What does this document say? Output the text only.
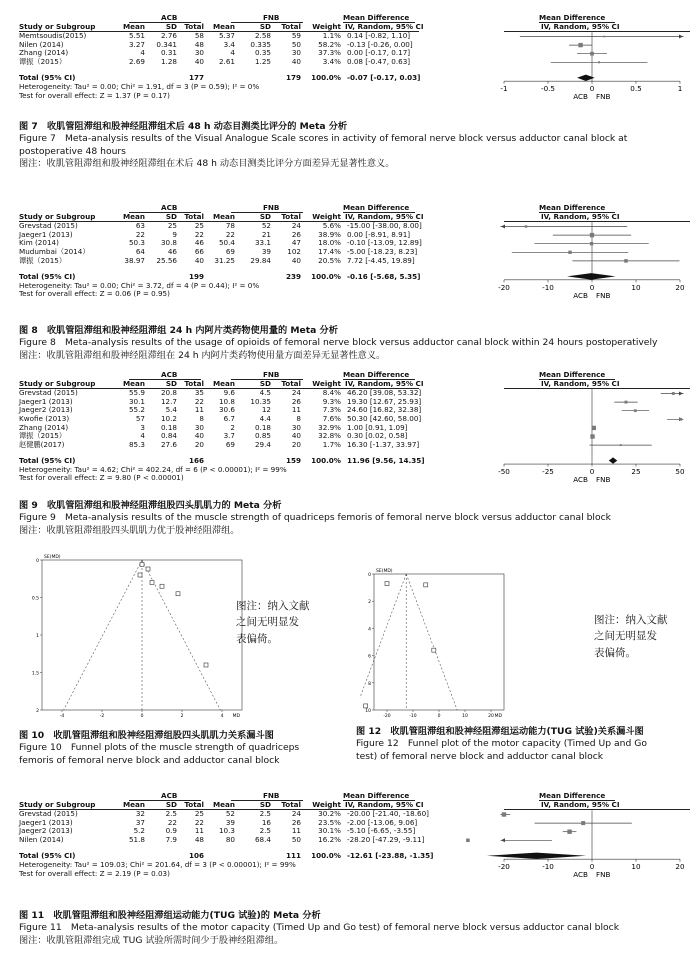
ACB	FNB	Mean Difference	Mean Difference
Study or Subgroup	Mean	SD	Total	Mean	SD	Total	Weight IV, Random, 95% CI	IV, Random, 95% CI
Memtsoudis(2015)	5.51	2.76	58	5.37	2.58	59	1.1% 0.14 [-0.82, 1.10]
Nilen (2014)	3.27	0.341	48	3.4	0.335	50	58.2% -0.13 [-0.26, 0.00]
Zhang (2014)	4	0.31	30	4	0.35	30	37.3% 0.00 [-0.17, 0.17]
谭振（2015）	2.69	1.28	40	2.61	1.25	40	3.4% 0.08 [-0.47, 0.63]
Total (95% CI)	177	179	100.0% -0.07 [-0.17, 0.03]
Heterogeneity: Tau² = 0.00; Chi² = 1.91, df = 3 (P = 0.59); I² = 0%
Test for overall effect: Z = 1.37 (P = 0.17)
-1	-0.5	0	0.5	1
ACB FNB
图 7　收肌管阻滞组和股神经阻滞组术后 48 h 动态目测类比评分的 Meta 分析
Figure 7　Meta-analysis results of the Visual Analogue Scale scores in activity of femoral nerve block versus adductor canal block at
postoperative 48 hours
图注：收肌管阻滞组和股神经阻滞组在术后 48 h 动态目测类比评分方面差异无显著性意义。
ACB	FNB	Mean Difference	Mean Difference
Study or Subgroup	Mean	SD	Total	Mean	SD	Total	Weight IV, Random, 95% CI	IV, Random, 95% CI
Grevstad (2015)	63	25	25	78	52	24	5.6% -15.00 [-38.00, 8.00]
Jaeger1 (2013)	22	9	22	22	21	26	38.9% 0.00 [-8.91, 8.91]
Kim (2014)	50.3	30.8	46	50.4	33.1	47	18.0% -0.10 [-13.09, 12.89]
Mudumbai（2014）	64	46	66	69	39	102	17.4% -5.00 [-18.23, 8.23]
谭振（2015）	38.97	25.56	40	31.25	29.84	40	20.5% 7.72 [-4.45, 19.89]
Total (95% CI)	199	239	100.0% -0.16 [-5.68, 5.35]
Heterogeneity: Tau² = 0.00; Chi² = 3.72, df = 4 (P = 0.44); I² = 0%
Test for overall effect: Z = 0.06 (P = 0.95)
-20	-10	0	10	20
ACB FNB
图 8　收肌管阻滞组和股神经阻滞组 24 h 内阿片类药物使用量的 Meta 分析
Figure 8　Meta-analysis results of the usage of opioids of femoral nerve block versus adductor canal block within 24 hours postoperatively
图注：收肌管阻滞组和股神经阻滞组在 24 h 内阿片类药物使用量方面差异无显著性意义。
ACB	FNB	Mean Difference	Mean Difference
Study or Subgroup	Mean	SD	Total	Mean	SD	Total	Weight IV, Random, 95% CI	IV, Random, 95% CI
Grevstad (2015)	55.9	20.8	35	9.6	4.5	24	8.4% 46.20 [39.08, 53.32]
Jaeger1 (2013)	30.1	12.7	22	10.8	10.35	26	9.3% 19.30 [12.67, 25.93]
Jaeger2 (2013)	55.2	5.4	11	30.6	12	11	7.3% 24.60 [16.82, 32.38]
Kwofie (2013)	57	10.2	8	6.7	4.4	8	7.6% 50.30 [42.60, 58.00]
Zhang (2014)	3	0.18	30	2	0.18	30	32.9% 1.00 [0.91, 1.09]
谭振（2015）	4	0.84	40	3.7	0.85	40	32.8% 0.30 [0.02, 0.58]
赵健鹏(2017)	85.3	27.6	20	69	29.4	20	1.7% 16.30 [-1.37, 33.97]
Total (95% CI)	166	159	100.0% 11.96 [9.56, 14.35]
Heterogeneity: Tau² = 4.62; Chi² = 402.24, df = 6 (P < 0.00001); I² = 99%
Test for overall effect: Z = 9.80 (P < 0.00001)
-50	-25	0	25	50
ACB FNB
图 9　收肌管阻滞组和股神经阻滞组股四头肌肌力的 Meta 分析
Figure 9　Meta-analysis results of the muscle strength of quadriceps femoris of femoral nerve block versus adductor canal block
图注：收肌管阻滞组股四头肌肌力优于股神经阻滞组。
0
0.5
1
1.5
2
-4	-2	0	2	4
SE(MD)
MD
图注：纳入文献
之间无明显发
表偏倚。
图 10　收肌管阻滞组和股神经阻滞组股四头肌肌力关系漏斗图
Figure 10　Funnel plots of the muscle strength of quadriceps
femoris of femoral nerve block and adductor canal block
0
2
4
6
8
10
-20	-10	0	10	20
SE(MD)
MD
图注：纳入文献
之间无明显发
表偏倚。
图 12　收肌管阻滞组和股神经阻滞组运动能力(TUG 试验)关系漏斗图
Figure 12　Funnel plot of the motor capacity (Timed Up and Go
test) of femoral nerve block and adductor canal block
ACB	FNB	Mean Difference	Mean Difference
Study or Subgroup	Mean	SD	Total	Mean	SD	Total	Weight IV, Random, 95% CI	IV, Random, 95% CI
Grevstad (2015)	32	2.5	25	52	2.5	24	30.2% -20.00 [-21.40, -18.60]
Jaeger1 (2013)	37	22	22	39	16	26	23.5% -2.00 [-13.06, 9.06]
Jaeger2 (2013)	5.2	0.9	11	10.3	2.5	11	30.1% -5.10 [-6.65, -3.55]
Nilen (2014)	51.8	7.9	48	80	68.4	50	16.2% -28.20 [-47.29, -9.11]
Total (95% CI)	106	111	100.0% -12.61 [-23.88, -1.35]
Heterogeneity: Tau² = 109.03; Chi² = 201.64, df = 3 (P < 0.00001); I² = 99%
Test for overall effect: Z = 2.19 (P = 0.03)
-20	-10	0	10	20
ACB FNB
图 11　收肌管阻滞组和股神经阻滞组运动能力(TUG 试验)的 Meta 分析
Figure 11　Meta-analysis results of the motor capacity (Timed Up and Go test) of femoral nerve block versus adductor canal block
图注：收肌管阻滞组完成 TUG 试验所需时间少于股神经阻滞组。
